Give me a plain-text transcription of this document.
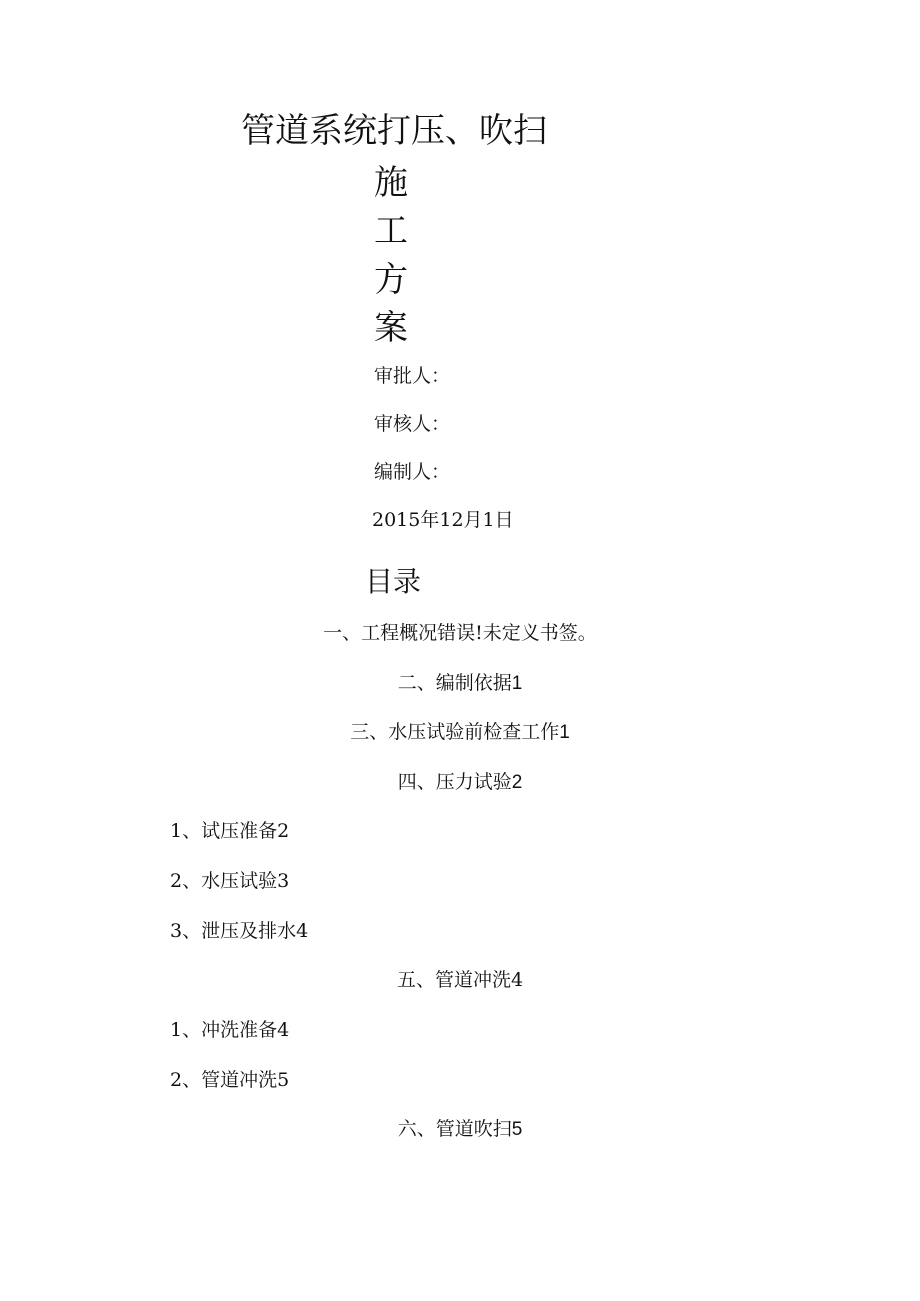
管道系统打压、吹扫
施
工
方
案
审批人：
审核人：
编制人：
2015年12月1日
目录
一、工程概况错误!未定义书签。
二、编制依据1
三、水压试验前检查工作1
四、压力试验2
1、试压准备2
2、水压试验3
3、泄压及排水4
五、管道冲洗4
1、冲洗准备4
2、管道冲洗5
六、管道吹扫5
